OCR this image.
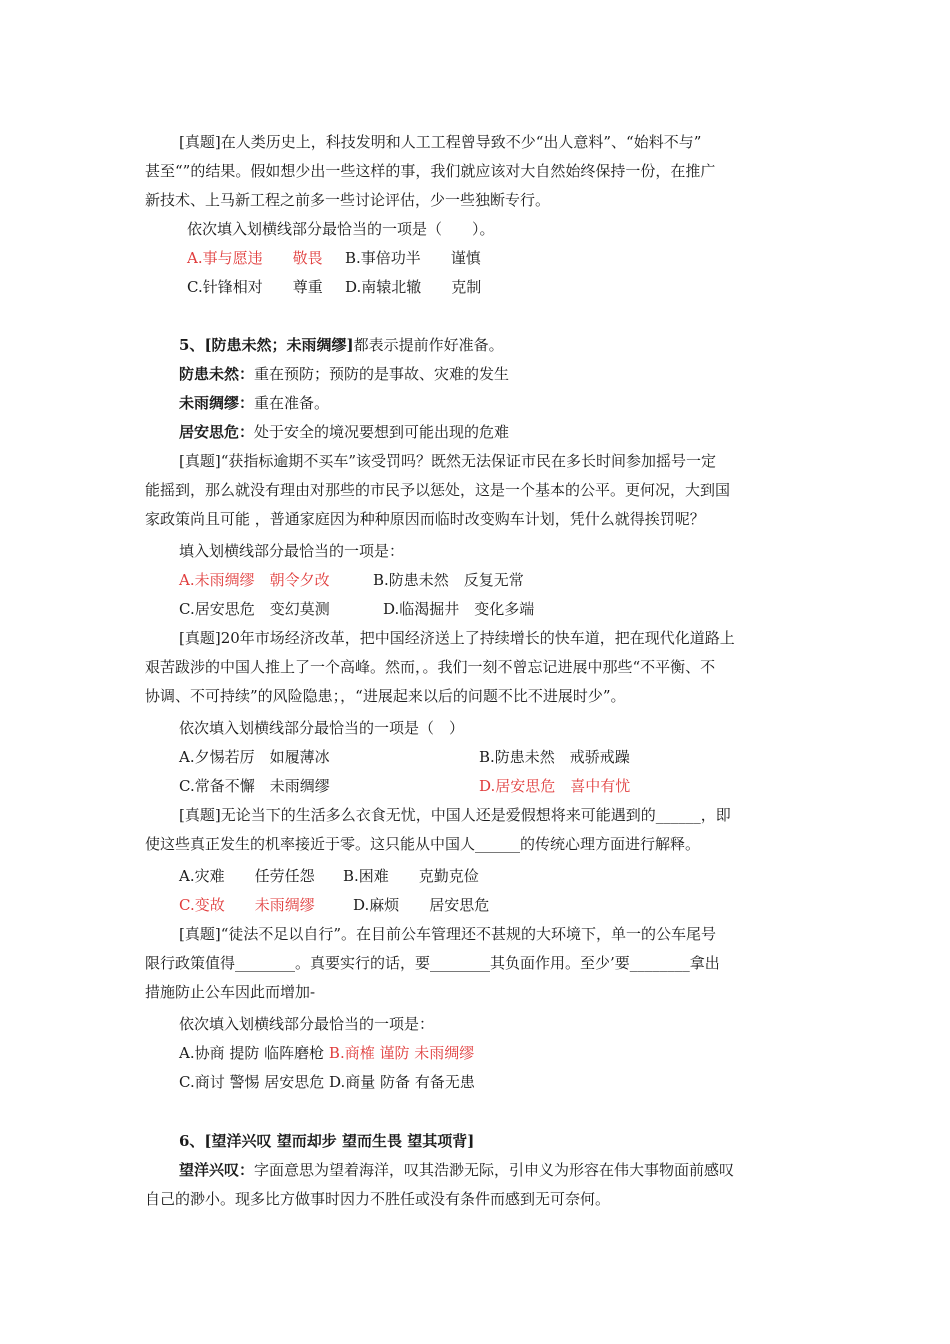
[真题]在人类历史上，科技发明和人工工程曾导致不少“出人意料”、“始料不与”
甚至“”的结果。假如想少出一些这样的事，我们就应该对大自然始终保持一份，在推广
新技术、上马新工程之前多一些讨论评估，少一些独断专行。
依次填入划横线部分最恰当的一项是（　　）。
A.事与愿违　　敬畏 B.事倍功半　　谨慎
C.针锋相对　　尊重 D.南辕北辙　　克制
5、[防患未然；未雨绸缪]都表示提前作好准备。
防患未然：重在预防；预防的是事故、灾难的发生
未雨绸缪：重在准备。
居安思危：处于安全的境况要想到可能出现的危难
[真题]“获指标逾期不买车”该受罚吗？既然无法保证市民在多长时间参加摇号一定
能摇到，那么就没有理由对那些的市民予以惩处，这是一个基本的公平。更何况，大到国
家政策尚且可能 ，普通家庭因为种种原因而临时改变购车计划，凭什么就得挨罚呢？
填入划横线部分最恰当的一项是：
A.未雨绸缪　朝令夕改	B.防患未然　反复无常
C.居安思危　变幻莫测	D.临渴掘井　变化多端
[真题]20年市场经济改革，把中国经济送上了持续增长的快车道，把在现代化道路上
艰苦跋涉的中国人推上了一个高峰。然而，。我们一刻不曾忘记进展中那些“不平衡、不
协调、不可持续”的风险隐患；，“进展起来以后的问题不比不进展时少”。
依次填入划横线部分最恰当的一项是（　）
A.夕惕若厉　如履薄冰	B.防患未然　戒骄戒躁
C.常备不懈　未雨绸缪	D.居安思危　喜中有忧
[真题]无论当下的生活多么衣食无忧，中国人还是爱假想将来可能遇到的______，即
使这些真正发生的机率接近于零。这只能从中国人______的传统心理方面进行解释。
A.灾难　　任劳任怨 B.困难　　克勤克俭
C.变故　　未雨绸缪	D.麻烦　　居安思危
[真题]“徒法不足以自行”。在目前公车管理还不甚规的大环境下，单一的公车尾号
限行政策值得________。真要实行的话，要________其负面作用。至少’要________拿出
措施防止公车因此而增加-
依次填入划横线部分最恰当的一项是：
A.协商 提防 临阵磨枪 B.商榷 谨防 未雨绸缪
C.商讨 警惕 居安思危 D.商量 防备 有备无患
6、[望洋兴叹 望而却步 望而生畏 望其项背]
望洋兴叹：字面意思为望着海洋，叹其浩渺无际，引申义为形容在伟大事物面前感叹
自己的渺小。现多比方做事时因力不胜任或没有条件而感到无可奈何。
